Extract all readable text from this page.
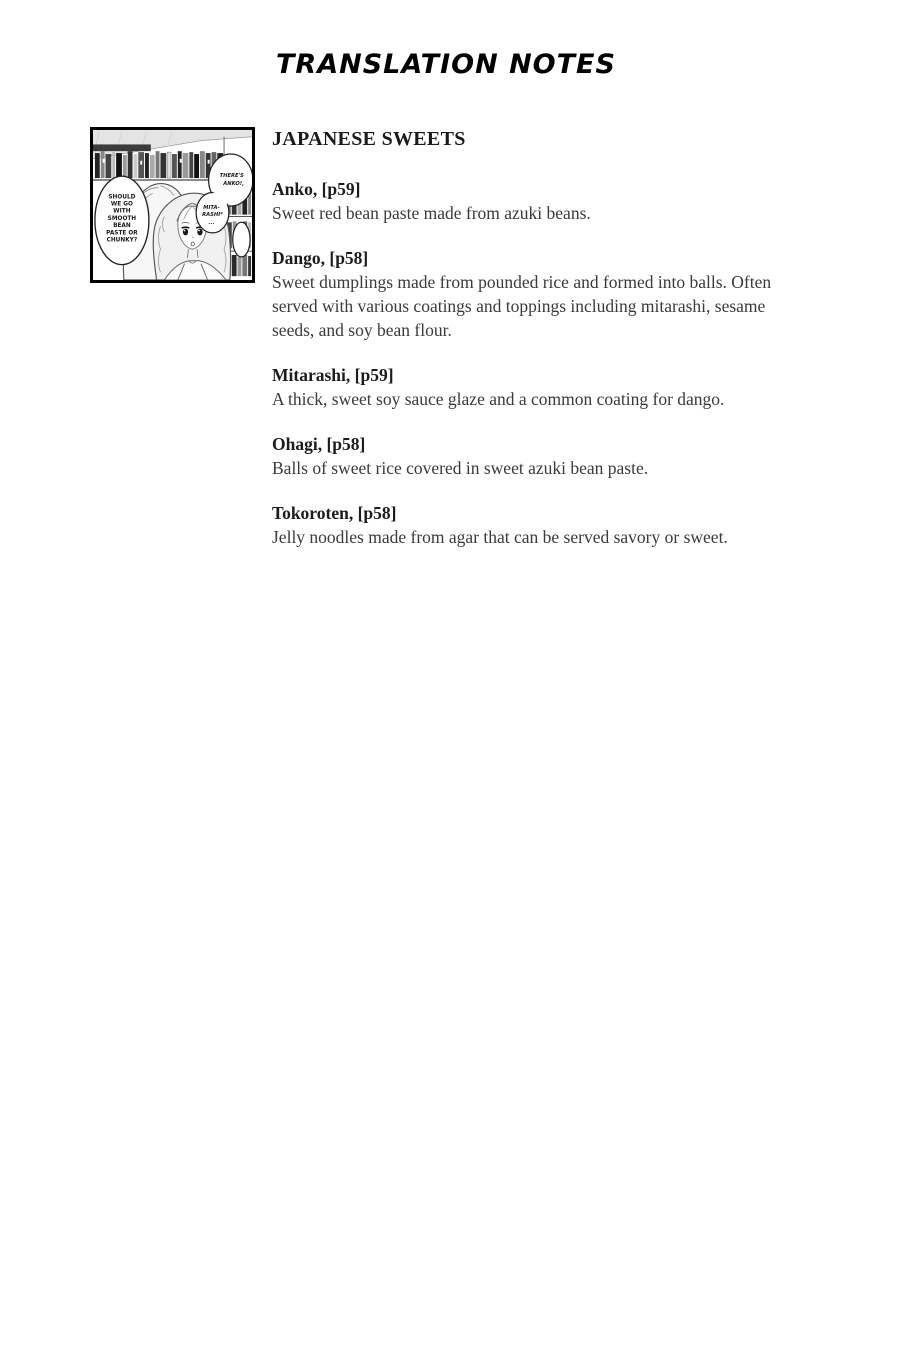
TRANSLATION NOTES
SHOULD
WE GO
WITH
SMOOTH
BEAN
PASTE OR
CHUNKY?
THERE'S
ANKO!,
MITA-
RASHI*
...
JAPANESE SWEETS
Anko, [p59]
Sweet red bean paste made from azuki beans.
Dango, [p58]
Sweet dumplings made from pounded rice and formed into balls. Often served with various coatings and toppings including mitarashi, sesame seeds, and soy bean flour.
Mitarashi, [p59]
A thick, sweet soy sauce glaze and a common coating for dango.
Ohagi, [p58]
Balls of sweet rice covered in sweet azuki bean paste.
Tokoroten, [p58]
Jelly noodles made from agar that can be served savory or sweet.
